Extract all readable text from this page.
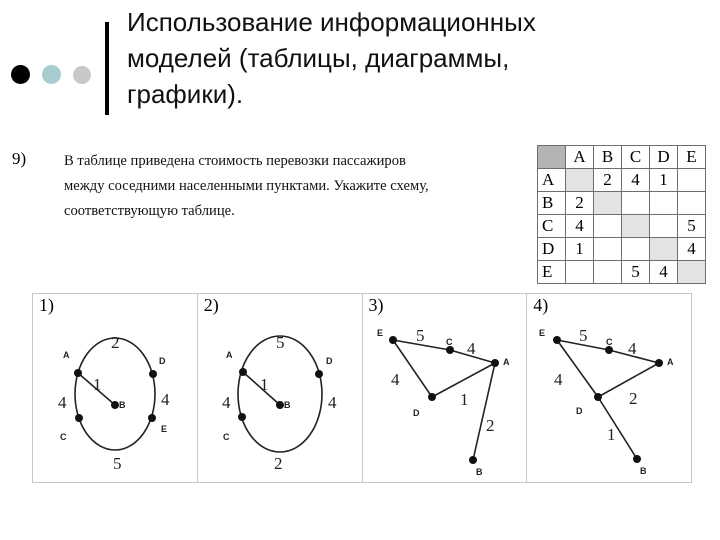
Использование информационных
моделей (таблицы, диаграммы,
графики).
9)	В таблице приведена стоимость перевозки пассажиров
между соседними населенными пунктами. Укажите схему,
соответствующую таблице.
	A	B	C	D	E
A		2	4	1	
B	2				
C	4				5
D	1				4
E			5	4	
1)
2
1
4	4
5
A
B
C
D
E
2)
5
1
4	4
2
A
B
C
D
3)
5
4
4
1
2
E
C
A
D
B
4)
5
4
4
2
1
E
C
A
D
B
